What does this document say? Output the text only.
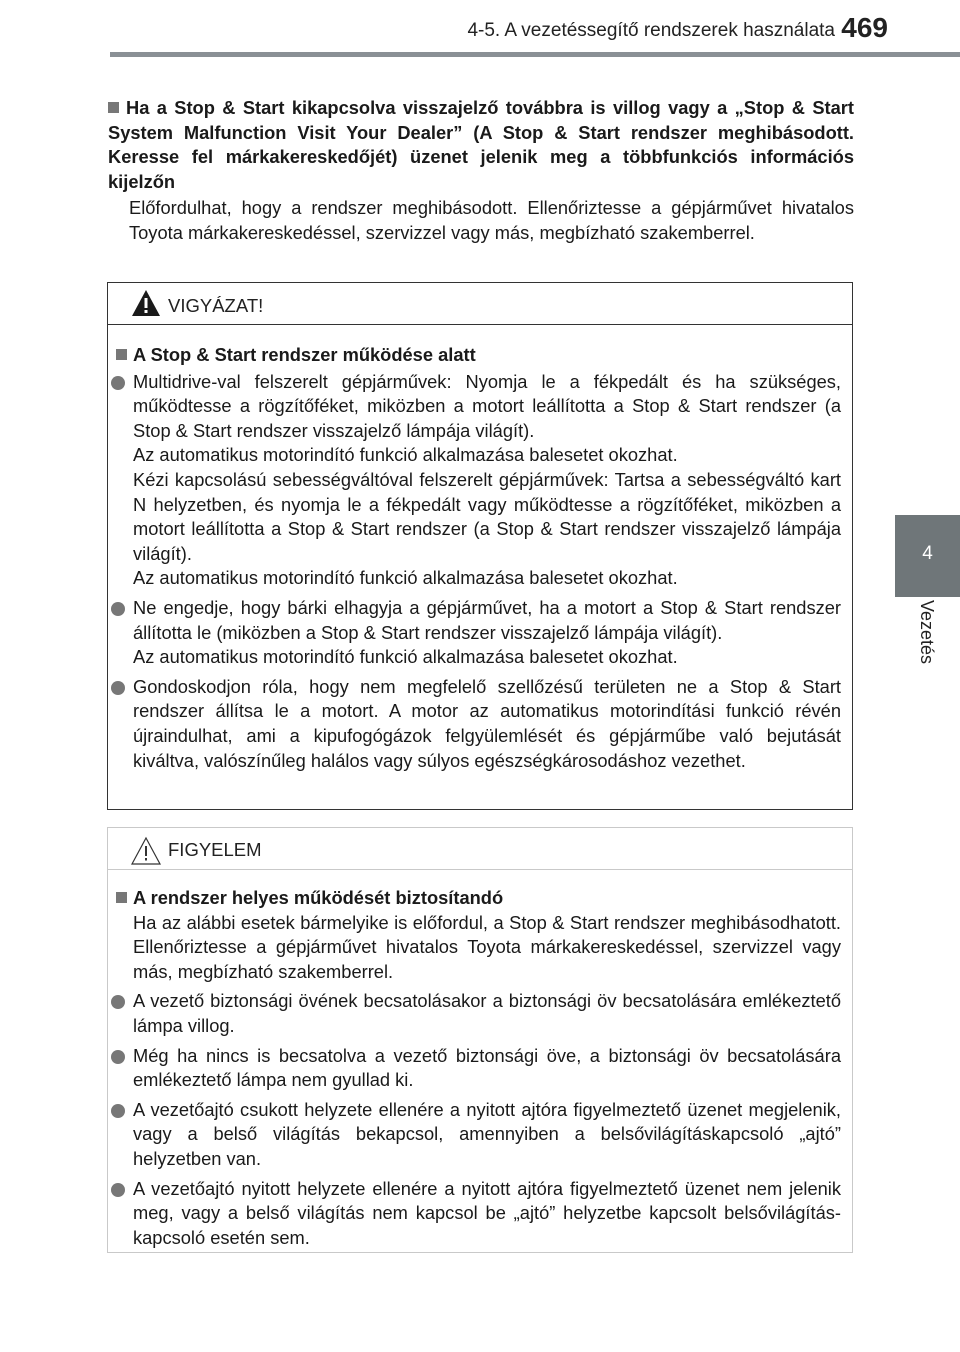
4-5. A vezetéssegítő rendszerek használata 469
4
Vezetés
Ha a Stop & Start kikapcsolva visszajelző továbbra is villog vagy a „Stop & Start System Malfunction Visit Your Dealer” (A Stop & Start rendszer meghibásodott. Keresse fel márkakereskedőjét) üzenet jelenik meg a többfunkciós információs kijelzőn
Előfordulhat, hogy a rendszer meghibásodott. Ellenőriztesse a gépjárművet hivatalos Toyota márkakereskedéssel, szervizzel vagy más, megbízható szakemberrel.
VIGYÁZAT!
A Stop & Start rendszer működése alatt
Multidrive-val felszerelt gépjárművek: Nyomja le a fékpedált és ha szükséges, működtesse a rögzítőféket, miközben a motort leállította a Stop & Start rendszer (a Stop & Start rendszer visszajelző lámpája világít).
Az automatikus motorindító funkció alkalmazása balesetet okozhat.
Kézi kapcsolású sebességváltóval felszerelt gépjárművek: Tartsa a sebességváltó kart N helyzetben, és nyomja le a fékpedált vagy működtesse a rögzítőféket, miközben a motort leállította a Stop & Start rendszer (a Stop & Start rendszer visszajelző lámpája világít).
Az automatikus motorindító funkció alkalmazása balesetet okozhat.
Ne engedje, hogy bárki elhagyja a gépjárművet, ha a motort a Stop & Start rendszer állította le (miközben a Stop & Start rendszer visszajelző lámpája világít).
Az automatikus motorindító funkció alkalmazása balesetet okozhat.
Gondoskodjon róla, hogy nem megfelelő szellőzésű területen ne a Stop & Start rendszer állítsa le a motort. A motor az automatikus motorindítási funkció révén újraindulhat, ami a kipufogógázok felgyülemlését és gépjárműbe való bejutását kiváltva, valószínűleg halálos vagy súlyos egészségkárosodáshoz vezethet.
FIGYELEM
A rendszer helyes működését biztosítandó
Ha az alábbi esetek bármelyike is előfordul, a Stop & Start rendszer meghibásodhatott. Ellenőriztesse a gépjárművet hivatalos Toyota márkakereskedéssel, szervizzel vagy más, megbízható szakemberrel.
A vezető biztonsági övének becsatolásakor a biztonsági öv becsatolására emlékeztető lámpa villog.
Még ha nincs is becsatolva a vezető biztonsági öve, a biztonsági öv becsatolására emlékeztető lámpa nem gyullad ki.
A vezetőajtó csukott helyzete ellenére a nyitott ajtóra figyelmeztető üzenet megjelenik, vagy a belső világítás bekapcsol, amennyiben a belsővilágításkapcsoló „ajtó” helyzetben van.
A vezetőajtó nyitott helyzete ellenére a nyitott ajtóra figyelmeztető üzenet nem jelenik meg, vagy a belső világítás nem kapcsol be „ajtó” helyzetbe kapcsolt belsővilágítás-kapcsoló esetén sem.
